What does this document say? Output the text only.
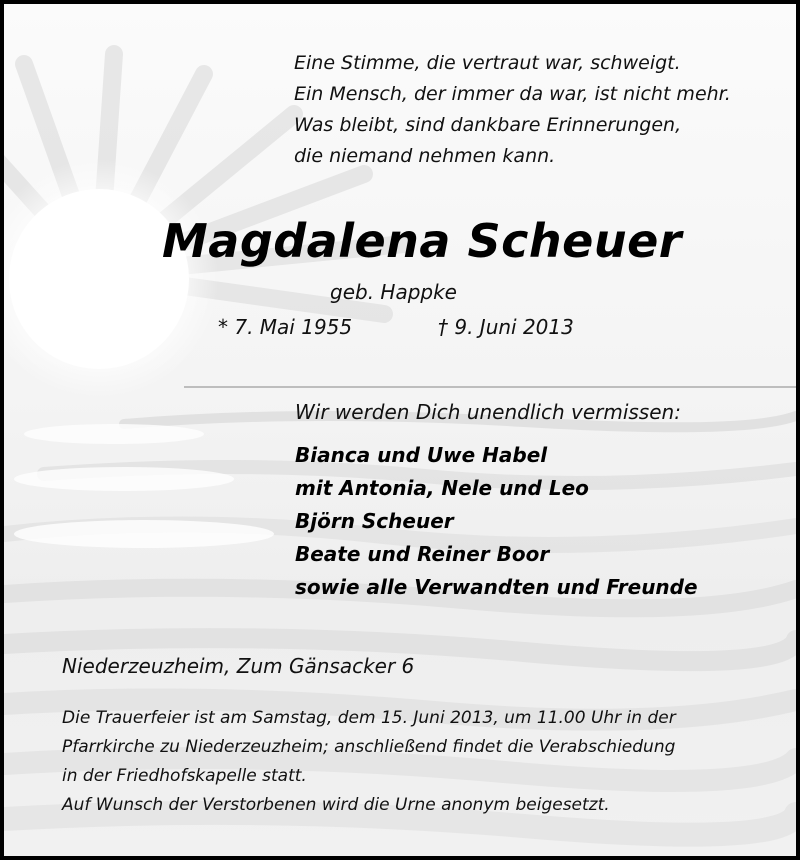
Eine Stimme, die vertraut war, schweigt.
Ein Mensch, der immer da war, ist nicht mehr.
Was bleibt, sind dankbare Erinnerungen,
die niemand nehmen kann.
Magdalena Scheuer
geb. Happke
* 7. Mai 1955	† 9. Juni 2013
Wir werden Dich unendlich vermissen:
Bianca und Uwe Habel
mit Antonia, Nele und Leo
Björn Scheuer
Beate und Reiner Boor
sowie alle Verwandten und Freunde
Niederzeuzheim, Zum Gänsacker 6
Die Trauerfeier ist am Samstag, dem 15. Juni 2013, um 11.00 Uhr in der
Pfarrkirche zu Niederzeuzheim; anschließend findet die Verabschiedung
in der Friedhofskapelle statt.
Auf Wunsch der Verstorbenen wird die Urne anonym beigesetzt.
